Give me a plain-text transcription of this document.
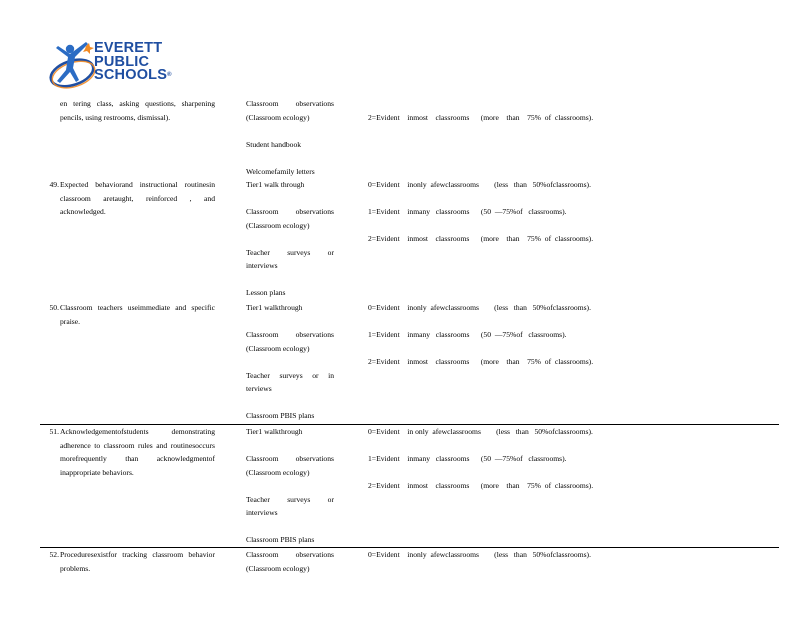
EVERETT
PUBLIC
SCHOOLS®
en tering class, asking questions, sharpening pencils, using restrooms, dismissal).
Classroom observations (Classroom ecology)
Student handbook
Welcomefamily letters
2=Evident    inmost    classrooms      (more    than    75%  of  classrooms).
49. Expected behaviorand instructional routinesin classroom aretaught, reinforced , and acknowledged.
Tier1 walk through
Classroom observations (Classroom ecology)
Teacher surveys or interviews
Lesson plans
0=Evident    inonly  afewclassrooms        (less   than   50%ofclassrooms).
1=Evident    inmany   classrooms      (50  —75%of   classrooms).
2=Evident    inmost    classrooms      (more    than    75%  of  classrooms).
50. Classroom teachers useimmediate and specific praise.
Tier1 walkthrough
Classroom observations (Classroom ecology)
Teacher surveys or in terviews
Classroom PBIS plans
0=Evident    inonly  afewclassrooms        (less   than   50%ofclassrooms).
1=Evident    inmany   classrooms      (50  —75%of   classrooms).
2=Evident    inmost    classrooms      (more    than    75%  of  classrooms).
51. Acknowledgementofstudents demonstrating adherence to classroom rules and routinesoccurs morefrequently than acknowledgmentof inappropriate behaviors.
Tier1 walkthrough
Classroom observations (Classroom ecology)
Teacher surveys or interviews
Classroom PBIS plans
0=Evident    in only  afewclassrooms        (less   than   50%ofclassrooms).
1=Evident    inmany   classrooms      (50  —75%of   classrooms).
2=Evident    inmost    classrooms      (more    than    75%  of  classrooms).
52. Proceduresexistfor tracking classroom behavior problems.
Classroom observations (Classroom ecology)
0=Evident    inonly  afewclassrooms        (less   than   50%ofclassrooms).
